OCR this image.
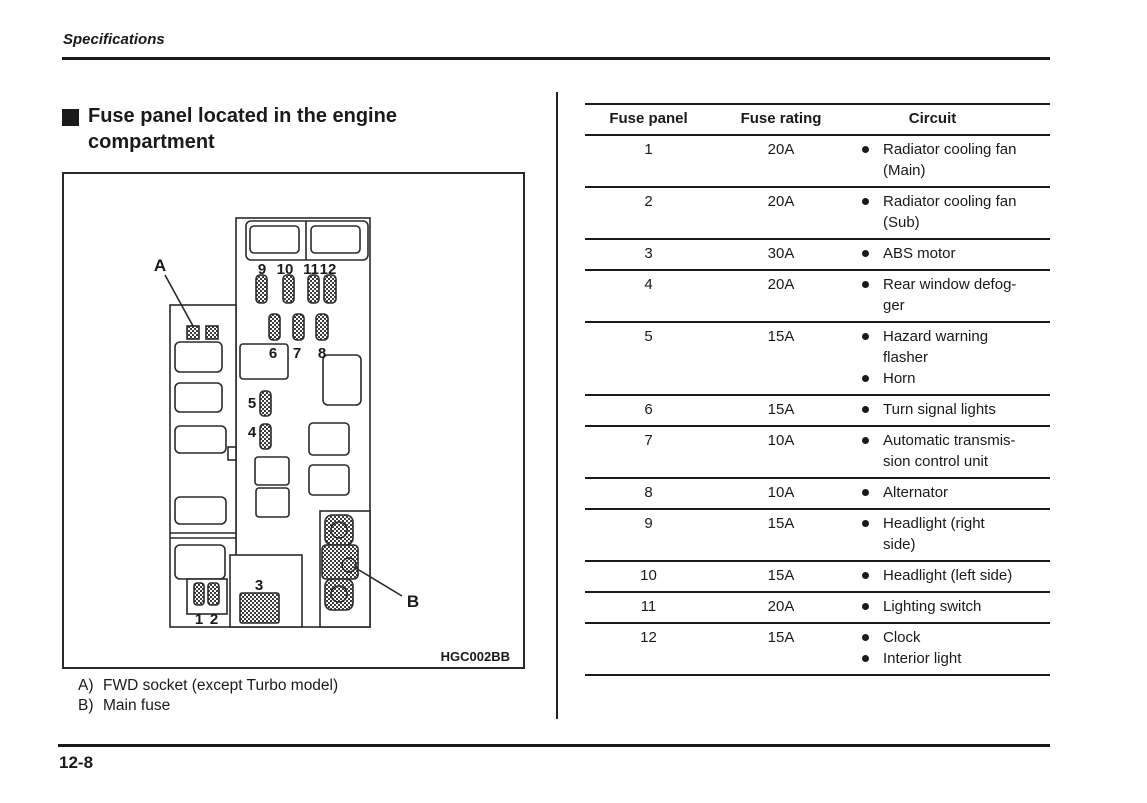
Specifications
Fuse panel located in the engine
compartment
A
B
9 10 11 12
6 7 8
5
4
1 2
3
HGC002BB
A) FWD socket (except Turbo model)
B) Main fuse
Fuse panel	Fuse rating	Circuit
1	20A	Radiator cooling fan
(Main)
2	20A	Radiator cooling fan
(Sub)
3	30A	ABS motor
4	20A	Rear window defog-
ger
5	15A	Hazard warning
flasher
Horn
6	15A	Turn signal lights
7	10A	Automatic transmis-
sion control unit
8	10A	Alternator
9	15A	Headlight (right
side)
10	15A	Headlight (left side)
11	20A	Lighting switch
12	15A	Clock
Interior light
12-8
